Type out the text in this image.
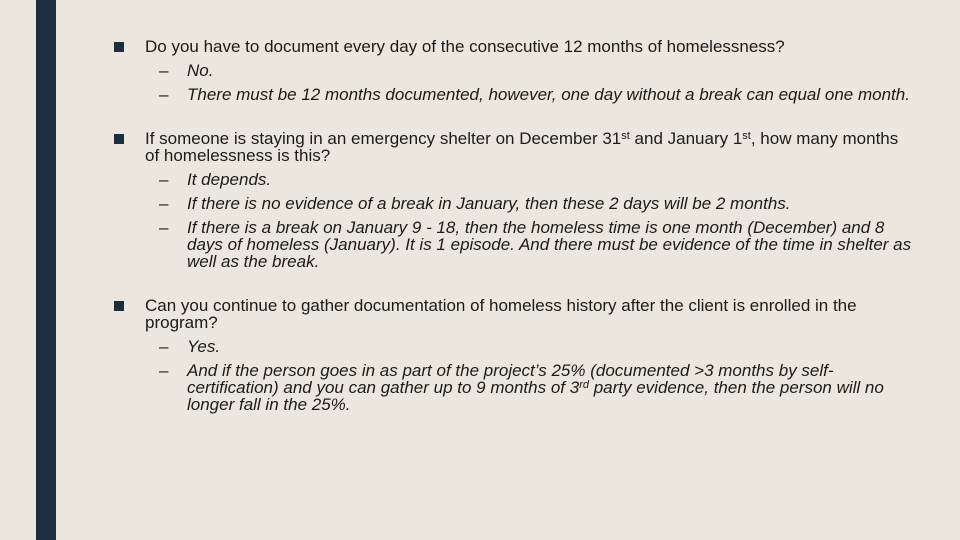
Do you have to document every day of the consecutive 12 months of homelessness?

– No.
– There must be 12 months documented, however, one day without a break can equal one month.

If someone is staying in an emergency shelter on December 31st and January 1st, how many months of homelessness is this?

– It depends.
– If there is no evidence of a break in January, then these 2 days will be 2 months.
– If there is a break on January 9 - 18, then the homeless time is one month (December) and 8 days of homeless (January). It is 1 episode. And there must be evidence of the time in shelter as well as the break.

Can you continue to gather documentation of homeless history after the client is enrolled in the program?

– Yes.
– And if the person goes in as part of the project’s 25% (documented >3 months by self-certification) and you can gather up to 9 months of 3rd party evidence, then the person will no longer fall in the 25%.
